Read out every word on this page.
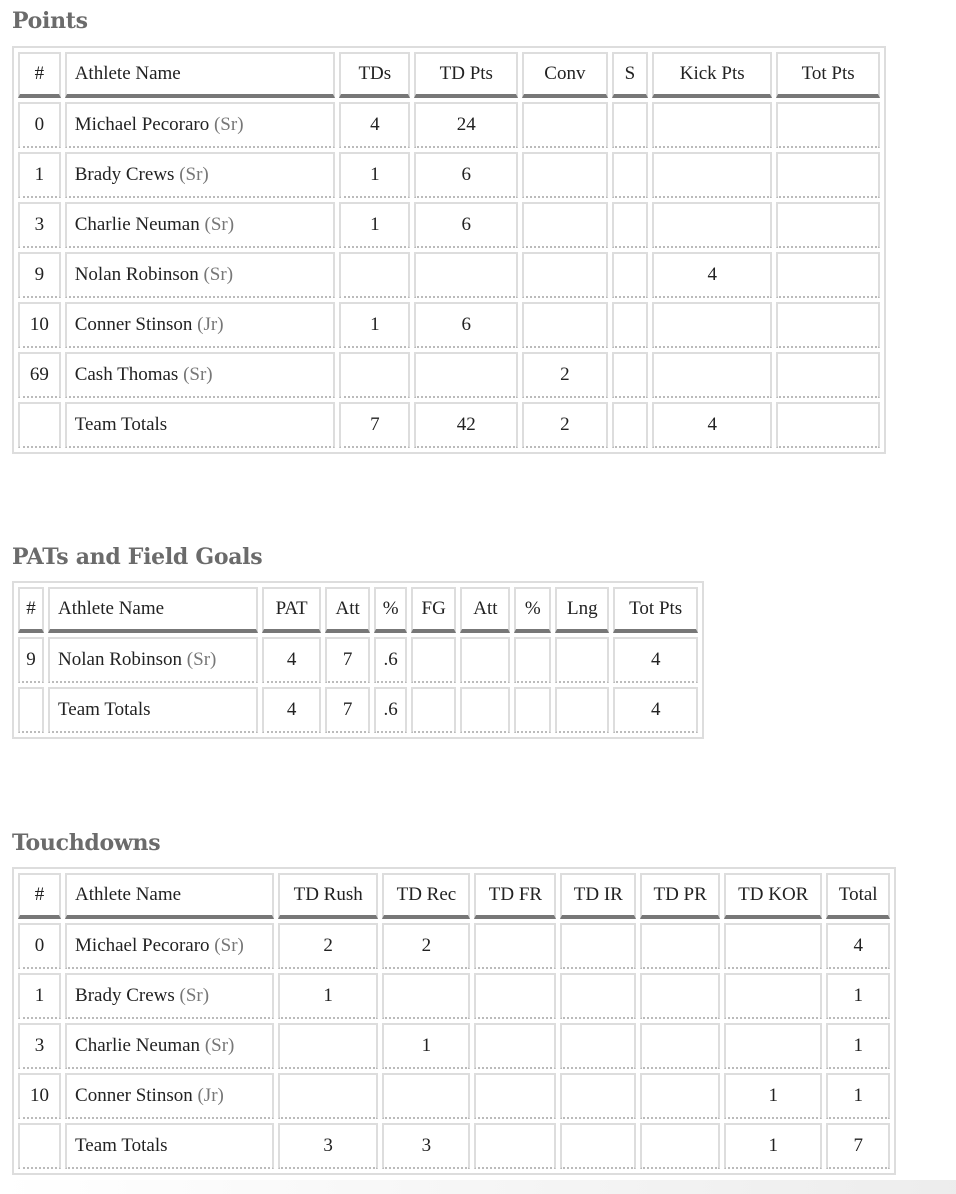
Points
#	Athlete Name	TDs	TD Pts	Conv	S	Kick Pts	Tot Pts
0	Michael Pecoraro (Sr)	4	24				
1	Brady Crews (Sr)	1	6				
3	Charlie Neuman (Sr)	1	6				
9	Nolan Robinson (Sr)					4	
10	Conner Stinson (Jr)	1	6				
69	Cash Thomas (Sr)			2			
	Team Totals	7	42	2		4	
PATs and Field Goals
#	Athlete Name	PAT	Att	%	FG	Att	%	Lng	Tot Pts
9	Nolan Robinson (Sr)	4	7	.6					4
	Team Totals	4	7	.6					4
Touchdowns
#	Athlete Name	TD Rush	TD Rec	TD FR	TD IR	TD PR	TD KOR	Total
0	Michael Pecoraro (Sr)	2	2					4
1	Brady Crews (Sr)	1						1
3	Charlie Neuman (Sr)		1					1
10	Conner Stinson (Jr)						1	1
	Team Totals	3	3				1	7
